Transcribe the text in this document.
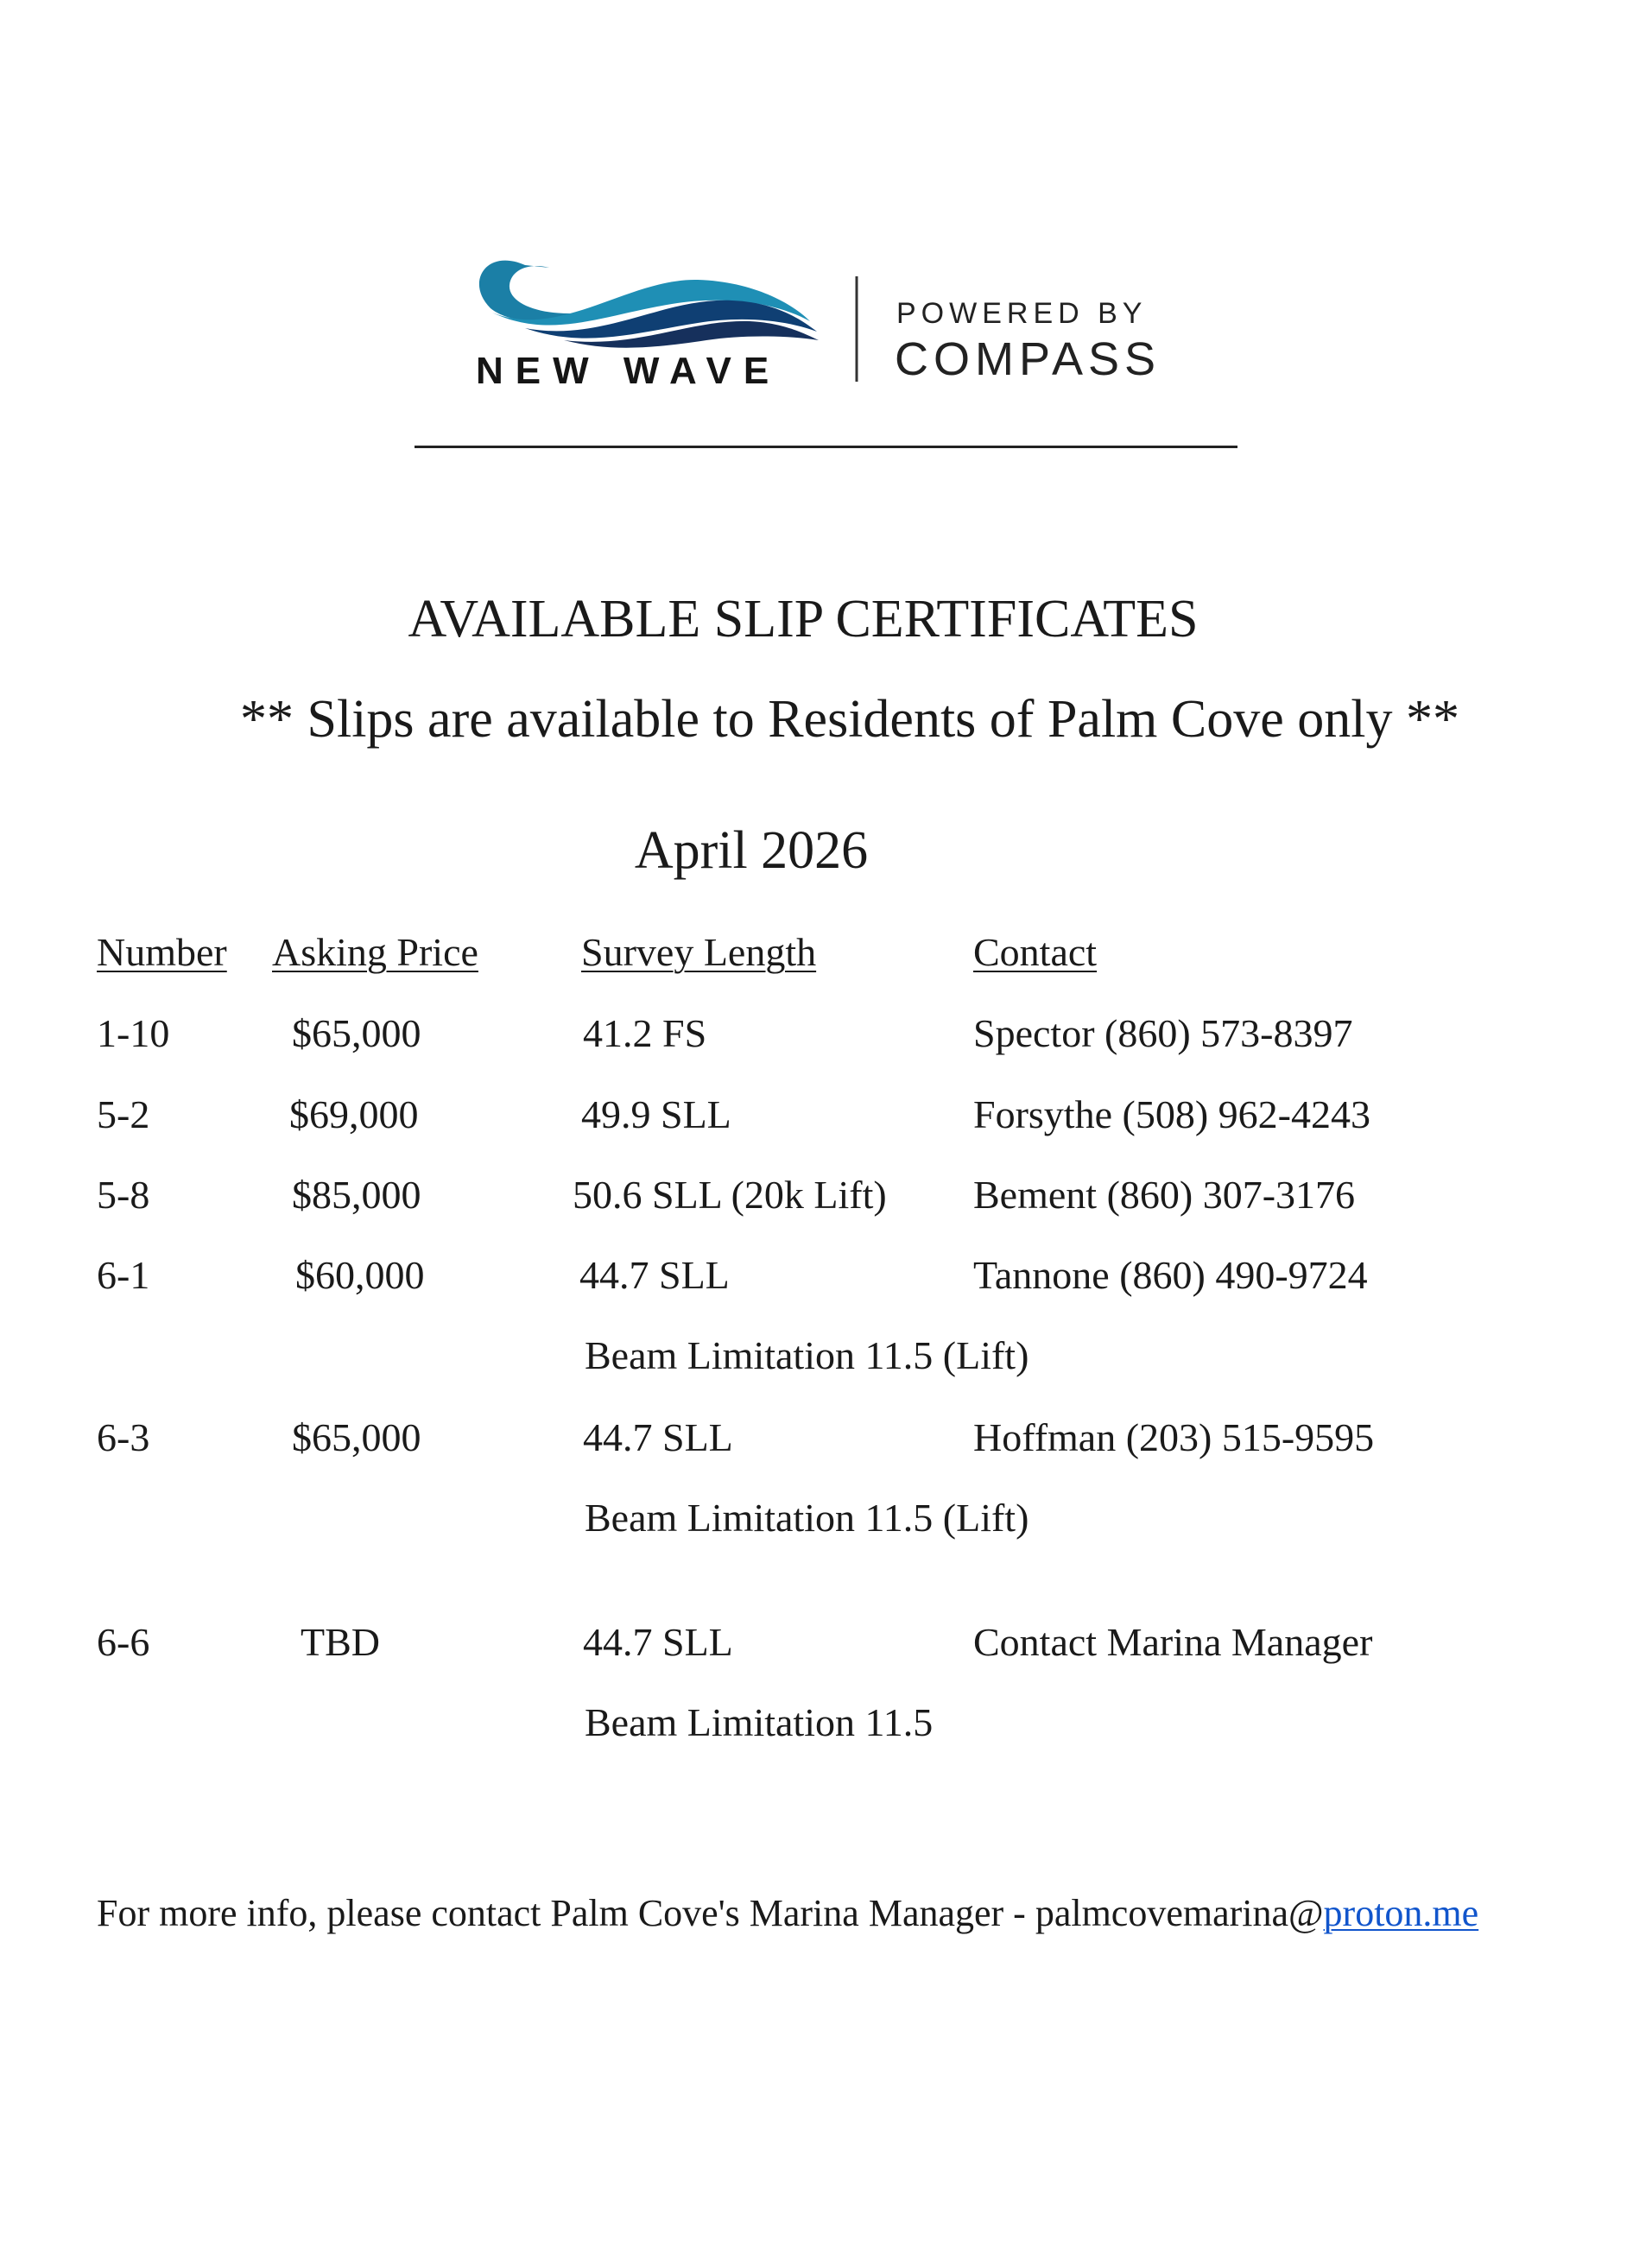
NEW WAVE
POWERED BY
COMPASS
AVAILABLE SLIP CERTIFICATES
** Slips are available to Residents of Palm Cove only **
April 2026
Number Asking Price	Survey Length	Contact
1-10	$65,000	41.2 FS	Spector (860) 573-8397
5-2	$69,000	49.9 SLL	Forsythe (508) 962-4243
5-8	$85,000	50.6 SLL (20k Lift) Bement (860) 307-3176
6-1	$60,000	44.7 SLL	Tannone (860) 490-9724
Beam Limitation 11.5 (Lift)
6-3	$65,000	44.7 SLL	Hoffman (203) 515-9595
Beam Limitation 11.5 (Lift)
6-6	TBD	44.7 SLL	Contact Marina Manager
Beam Limitation 11.5
For more info, please contact Palm Cove's Marina Manager - palmcovemarina@proton.me
